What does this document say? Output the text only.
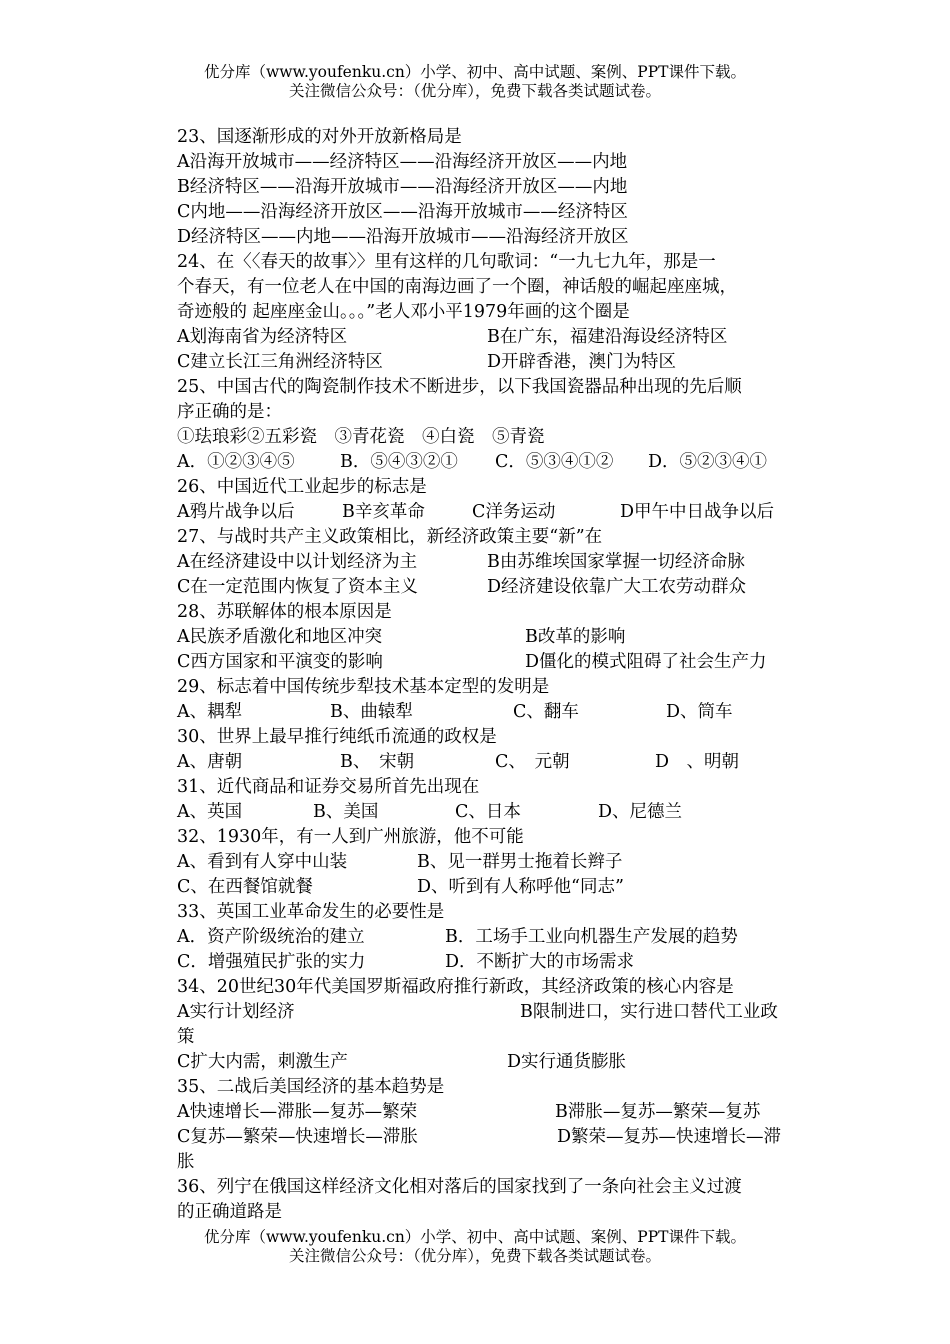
优分库（www.youfenku.cn）小学、初中、高中试题、案例、PPT课件下载。
关注微信公众号：（优分库），免费下载各类试题试卷。
23、国逐渐形成的对外开放新格局是
A沿海开放城市——经济特区——沿海经济开放区——内地
B经济特区——沿海开放城市——沿海经济开放区——内地
C内地——沿海经济开放区——沿海开放城市——经济特区
D经济特区——内地——沿海开放城市——沿海经济开放区
24、在〈〈春天的故事〉〉里有这样的几句歌词：“一九七九年，那是一
个春天，有一位老人在中国的南海边画了一个圈，神话般的崛起座座城，
奇迹般的 起座座金山。。。”老人邓小平1979年画的这个圈是
A划海南省为经济特区	B在广东，福建沿海设经济特区
C建立长江三角洲经济特区	D开辟香港，澳门为特区
25、中国古代的陶瓷制作技术不断进步，以下我国瓷器品种出现的先后顺
序正确的是：
①珐琅彩②五彩瓷　③青花瓷　④白瓷　⑤青瓷
A．①②③④⑤	B．⑤④③②① C．⑤③④①② D．⑤②③④①
26、中国近代工业起步的标志是
A鸦片战争以后	B辛亥革命	C洋务运动	D甲午中日战争以后
27、与战时共产主义政策相比，新经济政策主要“新”在
A在经济建设中以计划经济为主	B由苏维埃国家掌握一切经济命脉
C在一定范围内恢复了资本主义	D经济建设依靠广大工农劳动群众
28、苏联解体的根本原因是
A民族矛盾激化和地区冲突	B改革的影响
C西方国家和平演变的影响	D僵化的模式阻碍了社会生产力
29、标志着中国传统步犁技术基本定型的发明是
A、耦犁	B、曲辕犁	C、翻车	D、筒车
30、世界上最早推行纯纸币流通的政权是
A、唐朝	B、　宋朝	C、　元朝	D　、明朝
31、近代商品和证券交易所首先出现在
A、英国	B、美国	C、日本	D、尼德兰
32、1930年，有一人到广州旅游，他不可能
A、看到有人穿中山装	B、见一群男士拖着长辫子
C、在西餐馆就餐	D、听到有人称呼他“同志”
33、英国工业革命发生的必要性是
A．资产阶级统治的建立	B．工场手工业向机器生产发展的趋势
C．增强殖民扩张的实力	D．不断扩大的市场需求
34、20世纪30年代美国罗斯福政府推行新政，其经济政策的核心内容是
A实行计划经济	B限制进口，实行进口替代工业政
策
C扩大内需，刺激生产	D实行通货膨胀
35、二战后美国经济的基本趋势是
A快速增长—滞胀—复苏—繁荣	B滞胀—复苏—繁荣—复苏
C复苏—繁荣—快速增长—滞胀	D繁荣—复苏—快速增长—滞
胀
36、列宁在俄国这样经济文化相对落后的国家找到了一条向社会主义过渡
的正确道路是
优分库（www.youfenku.cn）小学、初中、高中试题、案例、PPT课件下载。
关注微信公众号：（优分库），免费下载各类试题试卷。
